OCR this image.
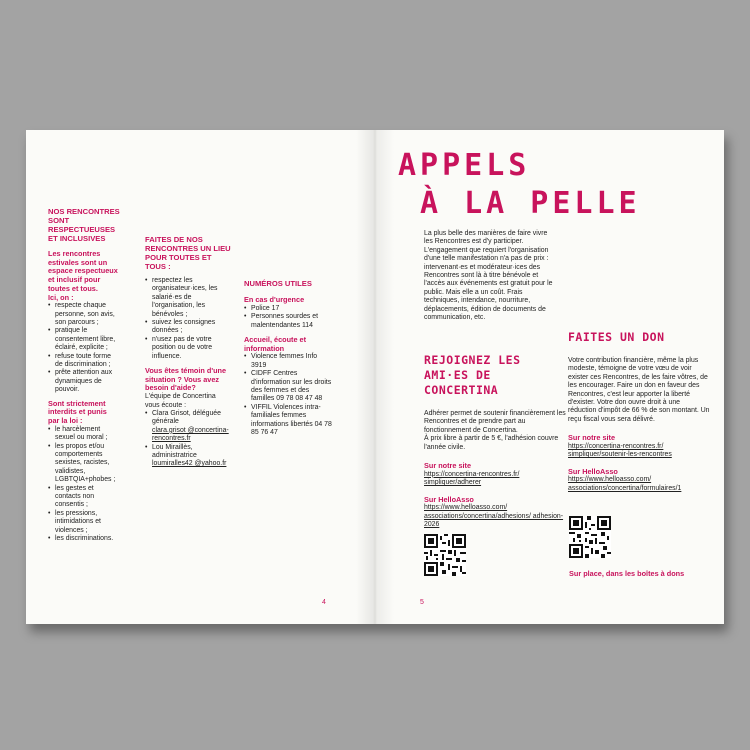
NOS RENCONTRES SONT RESPECTUEUSES ET INCLUSIVES

Les rencontres estivales sont un espace respectueux et inclusif pour toutes et tous.

Ici, on :

• respecte chaque personne, son avis, son parcours ;
• pratique le consentement libre, éclairé, explicite ;
• refuse toute forme de discrimination ;
• prête attention aux dynamiques de pouvoir.

Sont strictement interdits et punis par la loi :

• le harcèlement sexuel ou moral ;
• les propos et/ou comportements sexistes, racistes, validistes, LGBTQIA+phobes ;
• les gestes et contacts non consentis ;
• les pressions, intimidations et violences ;
• les discriminations.

FAITES DE NOS RENCONTRES UN LIEU POUR TOUTES ET TOUS :

• respectez les organisateur·ices, les salarié·es de l'organisation, les bénévoles ;
• suivez les consignes données ;
• n'usez pas de votre position ou de votre influence.

Vous êtes témoin d'une situation ? Vous avez besoin d'aide?

L'équipe de Concertina vous écoute :

• Clara Grisot, déléguée générale
clara.grisot @concertina-rencontres.fr
• Lou Miraillès, administratrice
loumiralles42 @yahoo.fr

NUMÉROS UTILES

En cas d'urgence

• Police 17
• Personnes sourdes et malentendantes 114

Accueil, écoute et information

• Violence femmes Info 3919
• CIDFF Centres d'information sur les droits des femmes et des familles 09 78 08 47 48
• VIFFIL Violences intra-familiales femmes informations libertés 04 78 85 76 47
4
APPELS
À LA PELLE

La plus belle des manières de faire vivre les Rencontres est d'y participer. L'engagement que requiert l'organisation d'une telle manifestation n'a pas de prix : intervenant·es et modérateur·ices des Rencontres sont là à titre bénévole et l'accès aux événements est gratuit pour le public. Mais elle a un coût. Frais techniques, intendance, nourriture, déplacements, édition de documents de communication, etc.

REJOIGNEZ LES AMI·ES DE CONCERTINA

Adhérer permet de soutenir financièrement les Rencontres et de prendre part au fonctionnement de Concertina.

À prix libre à partir de 5 €, l'adhésion couvre l'année civile.

Sur notre site

https://concertina-rencontres.fr/ simpliquer/adherer

Sur HelloAsso

https://www.helloasso.com/ associations/concertina/adhesions/ adhesion-2026

FAITES UN DON

Votre contribution financière, même la plus modeste, témoigne de votre vœu de voir exister ces Rencontres, de les faire vôtres, de les encourager. Faire un don en faveur des Rencontres, c'est leur apporter la liberté d'exister. Votre don ouvre droit à une réduction d'impôt de 66 % de son montant. Un reçu fiscal vous sera délivré.

Sur notre site

https://concertina-rencontres.fr/ simpliquer/soutenir-les-rencontres

Sur HelloAsso

https://www.helloasso.com/ associations/concertina/formulaires/1

Sur place, dans les boîtes à dons

5
